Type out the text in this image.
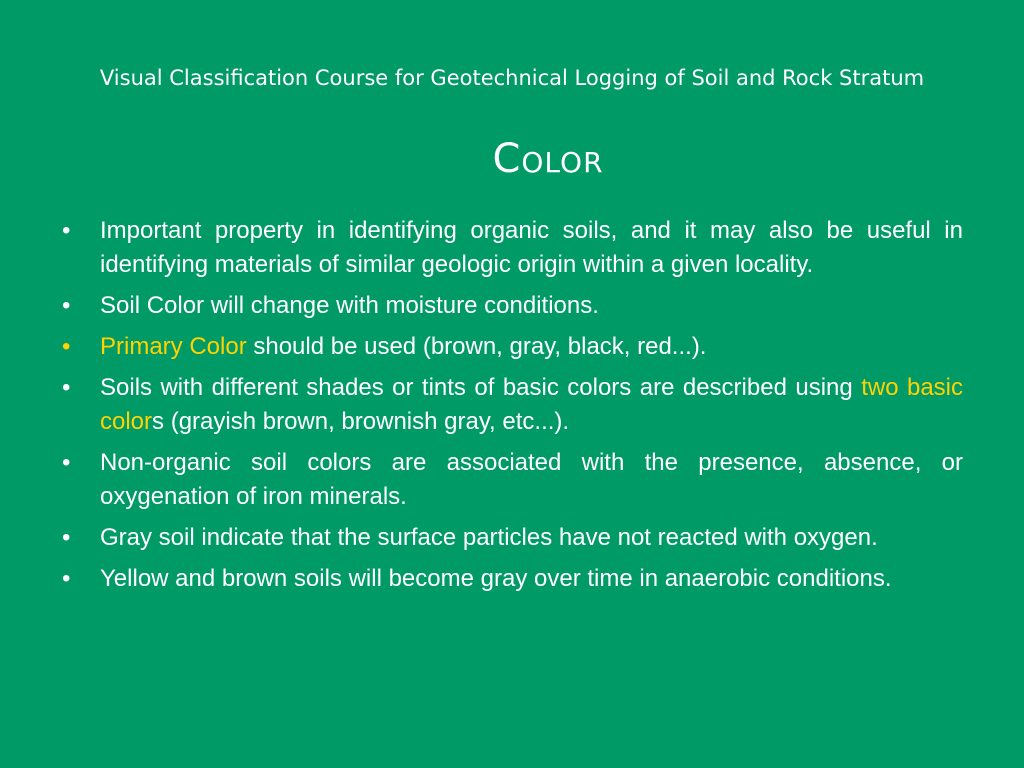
Visual Classification Course for Geotechnical Logging of Soil and Rock Stratum
Color
•	Important property in identifying organic soils, and it may also be useful in identifying materials of similar geologic origin within a given locality.
•	Soil Color will change with moisture conditions.
•	Primary Color should be used (brown, gray, black, red...).
•	Soils with different shades or tints of basic colors are described using two basic colors (grayish brown, brownish gray, etc...).
•	Non-organic soil colors are associated with the presence, absence, or oxygenation of iron minerals.
•	Gray soil indicate that the surface particles have not reacted with oxygen.
•	Yellow and brown soils will become gray over time in anaerobic conditions.
